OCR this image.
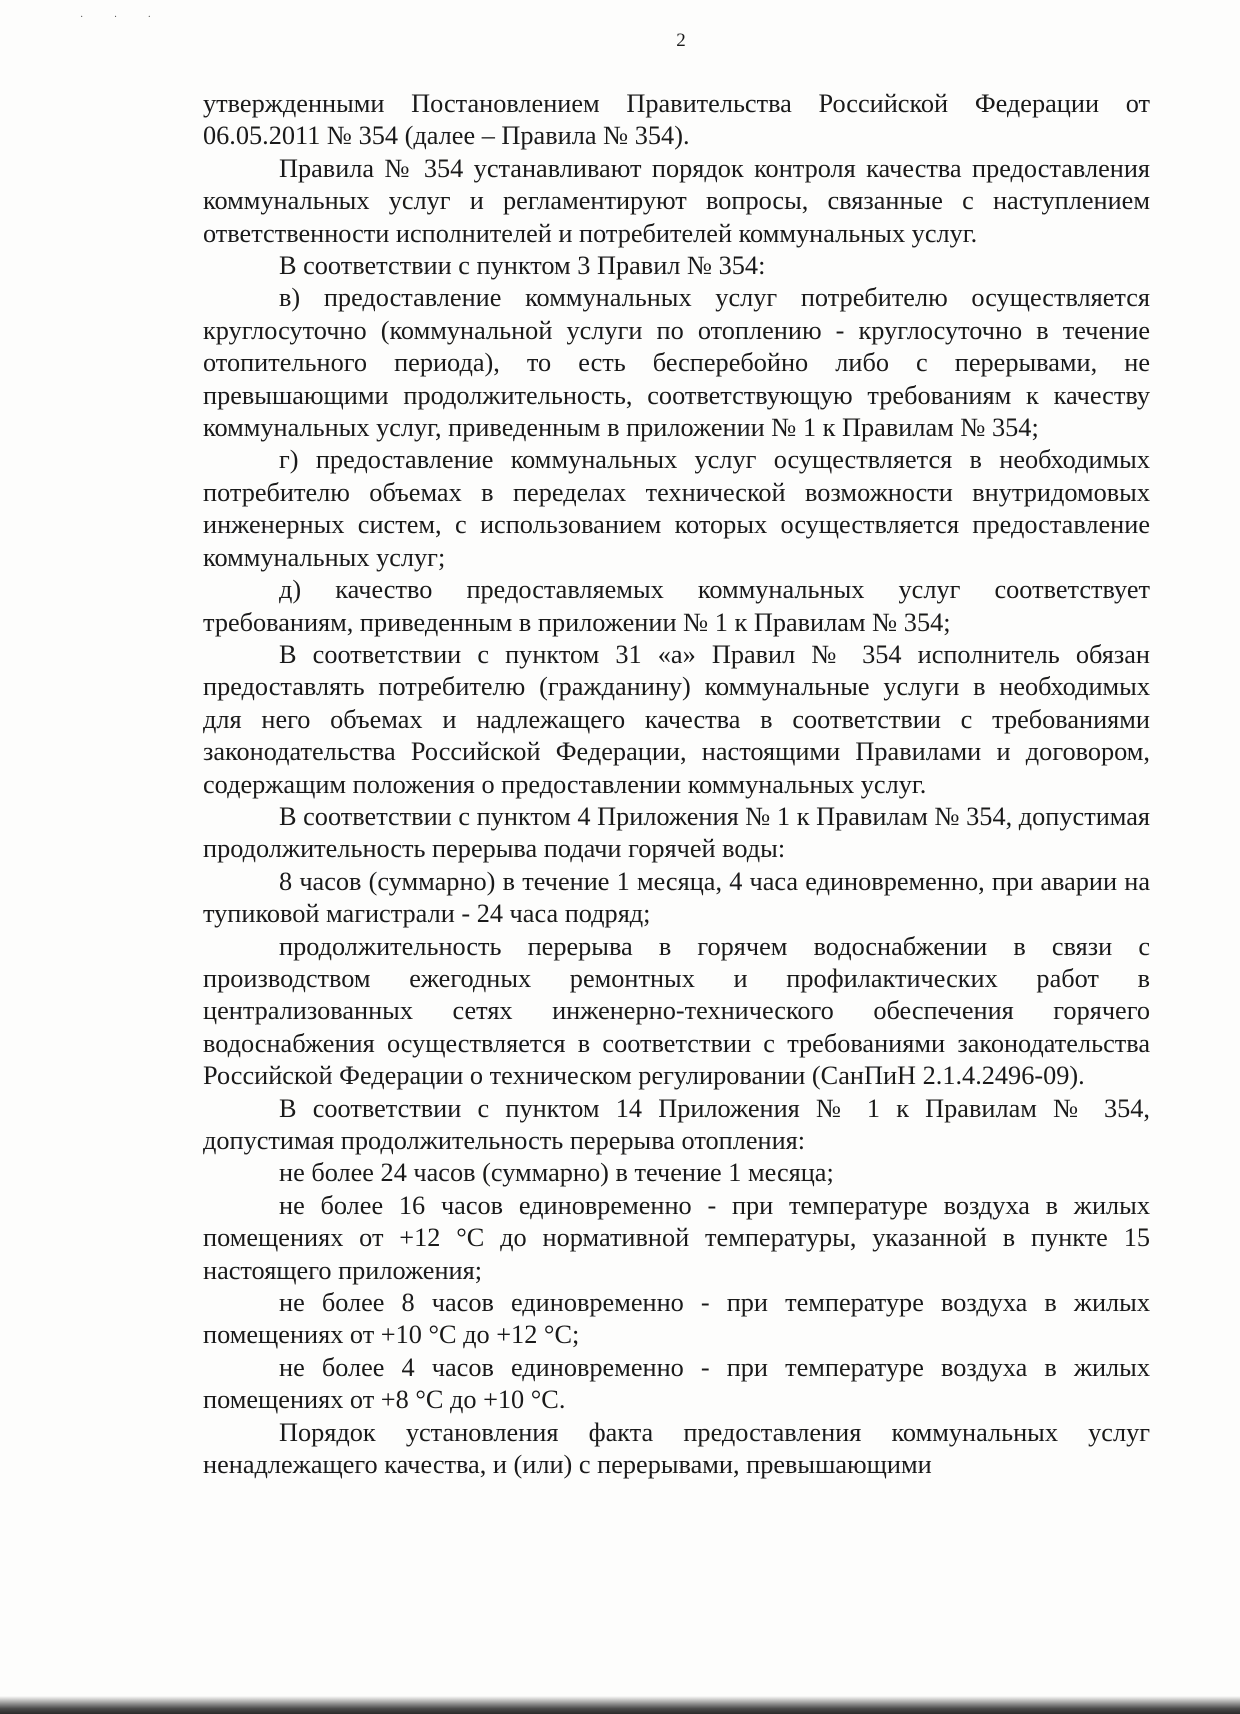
· · ·
2

утвержденными Постановлением Правительства Российской Федерации от 06.05.2011 № 354 (далее – Правила № 354).

Правила № 354 устанавливают порядок контроля качества предоставления коммунальных услуг и регламентируют вопросы, связанные с наступлением ответственности исполнителей и потребителей коммунальных услуг.

В соответствии с пунктом 3 Правил № 354:

в) предоставление коммунальных услуг потребителю осуществляется круглосуточно (коммунальной услуги по отоплению - круглосуточно в течение отопительного периода), то есть бесперебойно либо с перерывами, не превышающими продолжительность, соответствующую требованиям к качеству коммунальных услуг, приведенным в приложении № 1 к Правилам № 354;

г) предоставление коммунальных услуг осуществляется в необходимых потребителю объемах в переделах технической возможности внутридомовых инженерных систем, с использованием которых осуществляется предоставление коммунальных услуг;

д) качество предоставляемых коммунальных услуг соответствует требованиям, приведенным в приложении № 1 к Правилам № 354;

В соответствии с пунктом 31 «а» Правил № 354 исполнитель обязан предоставлять потребителю (гражданину) коммунальные услуги в необходимых для него объемах и надлежащего качества в соответствии с требованиями законодательства Российской Федерации, настоящими Правилами и договором, содержащим положения о предоставлении коммунальных услуг.

В соответствии с пунктом 4 Приложения № 1 к Правилам № 354, допустимая продолжительность перерыва подачи горячей воды:

8 часов (суммарно) в течение 1 месяца, 4 часа единовременно, при аварии на тупиковой магистрали - 24 часа подряд;

продолжительность перерыва в горячем водоснабжении в связи с производством ежегодных ремонтных и профилактических работ в централизованных сетях инженерно-технического обеспечения горячего водоснабжения осуществляется в соответствии с требованиями законодательства Российской Федерации о техническом регулировании (СанПиН 2.1.4.2496-09).

В соответствии с пунктом 14 Приложения № 1 к Правилам № 354, допустимая продолжительность перерыва отопления:

не более 24 часов (суммарно) в течение 1 месяца;

не более 16 часов единовременно - при температуре воздуха в жилых помещениях от +12 °C до нормативной температуры, указанной в пункте 15 настоящего приложения;

не более 8 часов единовременно - при температуре воздуха в жилых помещениях от +10 °C до +12 °C;

не более 4 часов единовременно - при температуре воздуха в жилых помещениях от +8 °C до +10 °C.

Порядок установления факта предоставления коммунальных услуг ненадлежащего качества, и (или) с перерывами, превышающими
